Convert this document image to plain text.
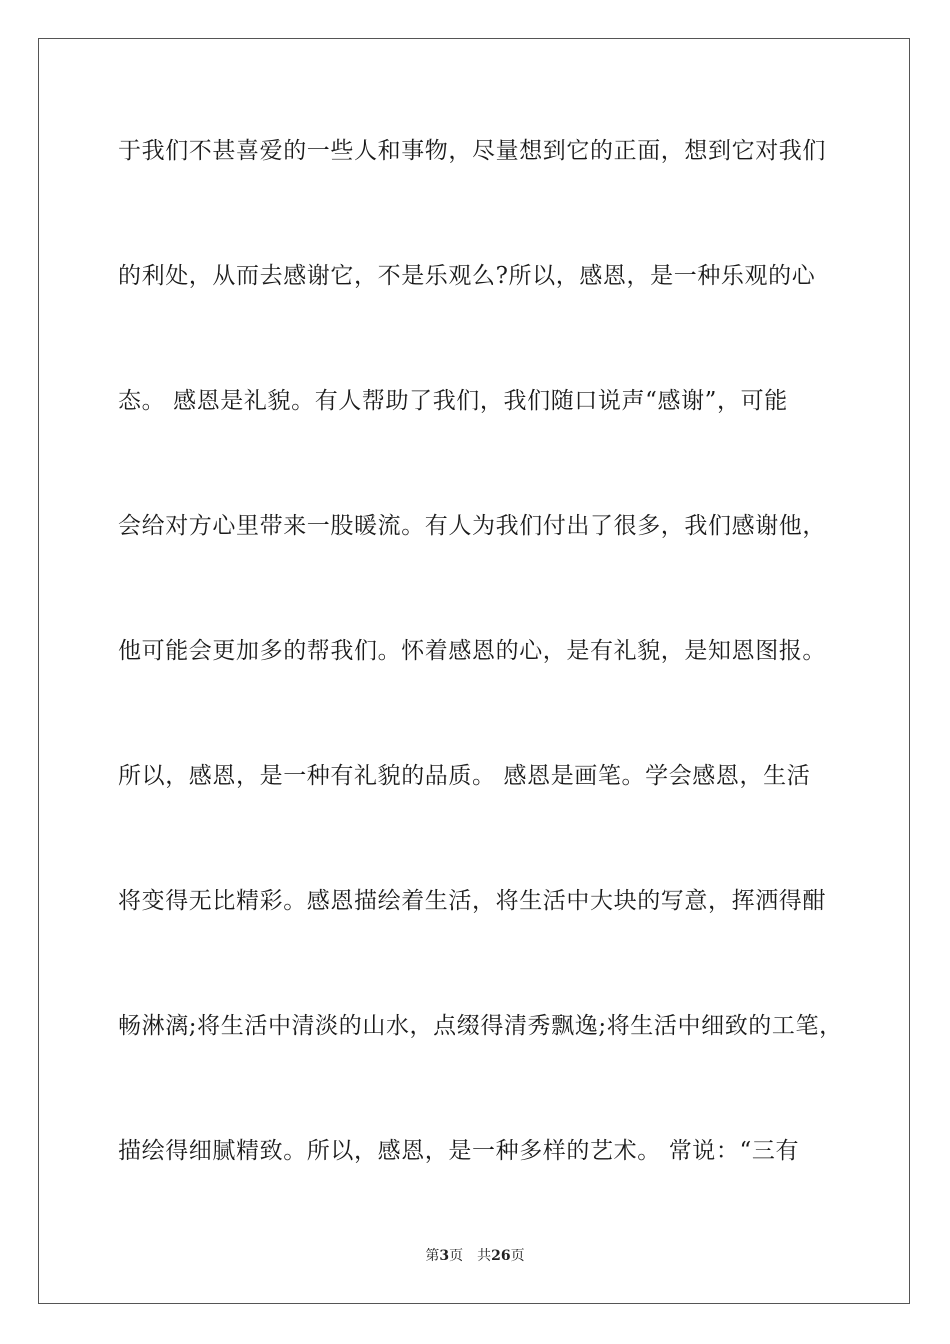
于我们不甚喜爱的一些人和事物，尽量想到它的正面，想到它对我们
的利处，从而去感谢它，不是乐观么?所以，感恩，是一种乐观的心
态。 感恩是礼貌。有人帮助了我们，我们随口说声“感谢”，可能
会给对方心里带来一股暖流。有人为我们付出了很多，我们感谢他，
他可能会更加多的帮我们。怀着感恩的心，是有礼貌，是知恩图报。
所以，感恩，是一种有礼貌的品质。 感恩是画笔。学会感恩，生活
将变得无比精彩。感恩描绘着生活，将生活中大块的写意，挥洒得酣
畅淋漓;将生活中清淡的山水，点缀得清秀飘逸;将生活中细致的工笔，
描绘得细腻精致。所以，感恩，是一种多样的艺术。 常说：“三有
第3页 共26页
